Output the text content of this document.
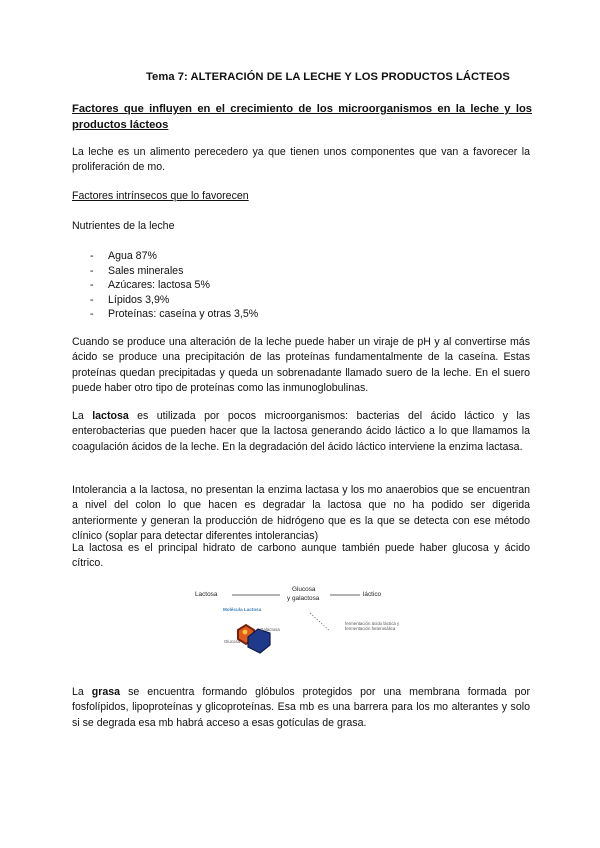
Tema 7: ALTERACIÓN DE LA LECHE Y LOS PRODUCTOS LÁCTEOS
Factores que influyen en el crecimiento de los microorganismos en la leche y los productos lácteos
La leche es un alimento perecedero ya que tienen unos componentes que van a favorecer la proliferación de mo.
Factores intrínsecos que lo favorecen
Nutrientes de la leche
- Agua 87%
- Sales minerales
- Azúcares: lactosa 5%
- Lípidos 3,9%
- Proteínas: caseína y otras 3,5%
Cuando se produce una alteración de la leche puede haber un viraje de pH y al convertirse más ácido se produce una precipitación de las proteínas fundamentalmente de la caseína. Estas proteínas quedan precipitadas y queda un sobrenadante llamado suero de la leche. En el suero puede haber otro tipo de proteínas como las inmunoglobulinas.
La lactosa es utilizada por pocos microorganismos: bacterias del ácido láctico y las enterobacterias que pueden hacer que la lactosa generando ácido láctico a lo que llamamos la coagulación ácidos de la leche. En la degradación del ácido láctico interviene la enzima lactasa.
Intolerancia a la lactosa, no presentan la enzima lactasa y los mo anaerobios que se encuentran a nivel del colon lo que hacen es degradar la lactosa que no ha podido ser digerida anteriormente y generan la producción de hidrógeno que es la que se detecta con ese método clínico (soplar para detectar diferentes intolerancias)
La lactosa es el principal hidrato de carbono aunque también puede haber glucosa y ácido cítrico.
Lactosa
Glucosa
y galactosa
láctico
Molécula Lactosa
fermentación ácido láctica y fermentación heterosálica
Glucosa
Galactosa
La grasa se encuentra formando glóbulos protegidos por una membrana formada por fosfolípidos, lipoproteínas y glicoproteínas. Esa mb es una barrera para los mo alterantes y solo si se degrada esa mb habrá acceso a esas gotículas de grasa.
